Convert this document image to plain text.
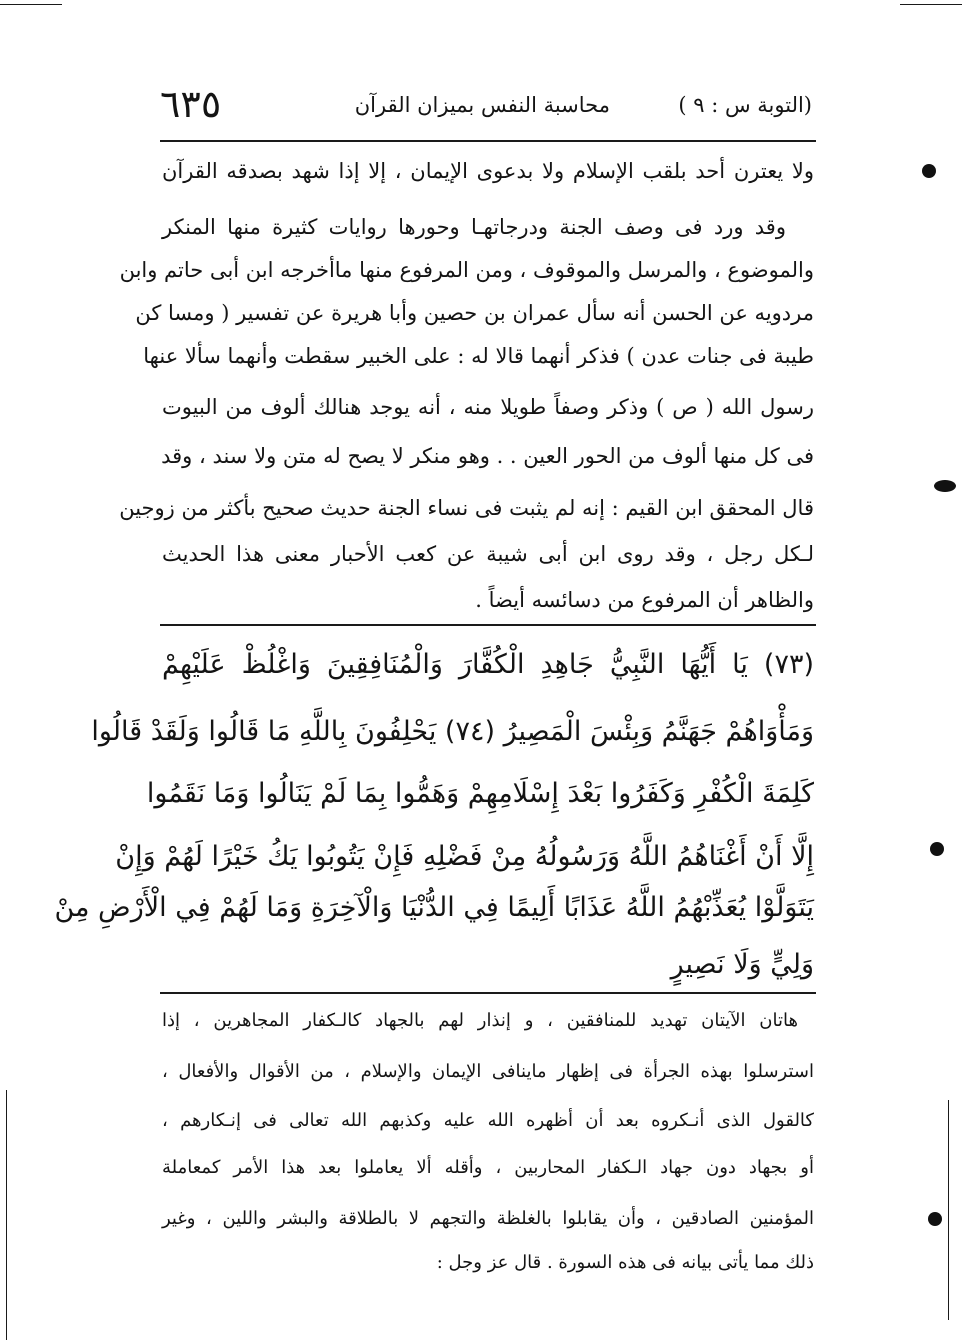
٦٣٥	محاسبة النفس بميزان القرآن	(التوبة س : ٩ )
ولا يعترن أحد بلقب الإسلام ولا بدعوى الإيمان ، إلا إذا شهد بصدقه القرآن
وقد ورد فى وصف الجنة ودرجاتهـا وحورها روايات كثيرة منها المنكر
والموضوع ، والمرسل والموقوف ، ومن المرفوع منها ماأخرجه ابن أبى حاتم وابن
مردويه عن الحسن أنه سأل عمران بن حصين وأبا هريرة عن تفسير ( ومسا كن
طيبة فى جنات عدن ) فذكر أنهما قالا له : على الخبير سقطت وأنهما سألا عنها
رسول الله ( ص ) وذكر وصفاً طويلا منه ، أنه يوجد هنالك ألوف من البيوت
فى كل منها ألوف من الحور العين . . وهو منكر لا يصح له متن ولا سند ، وقد
قال المحقق ابن القيم : إنه لم يثبت فى نساء الجنة حديث صحيح بأكثر من زوجين
لـكل رجل ، وقد روى ابن أبى شيبة عن كعب الأحبار معنى هذا الحديث
والظاهر أن المرفوع من دسائسه أيضاً .
(٧٣) يَا أَيُّهَا النَّبِيُّ جَاهِدِ الْكُفَّارَ وَالْمُنَافِقِينَ وَاغْلُظْ عَلَيْهِمْ
وَمَأْوَاهُمْ جَهَنَّمُ وَبِئْسَ الْمَصِيرُ (٧٤) يَحْلِفُونَ بِاللَّهِ مَا قَالُوا وَلَقَدْ قَالُوا
كَلِمَةَ الْكُفْرِ وَكَفَرُوا بَعْدَ إِسْلَامِهِمْ وَهَمُّوا بِمَا لَمْ يَنَالُوا وَمَا نَقَمُوا
إِلَّا أَنْ أَغْنَاهُمُ اللَّهُ وَرَسُولُهُ مِنْ فَضْلِهِ فَإِنْ يَتُوبُوا يَكُ خَيْرًا لَهُمْ وَإِنْ
يَتَوَلَّوْا يُعَذِّبْهُمُ اللَّهُ عَذَابًا أَلِيمًا فِي الدُّنْيَا وَالْآخِرَةِ وَمَا لَهُمْ فِي الْأَرْضِ مِنْ
وَلِيٍّ وَلَا نَصِيرٍ
هاتان الآيتان تهديد للمنافقين ، و إنذار لهم بالجهاد كالـكفار المجاهرين ، إذا
استرسلوا بهذه الجرأة فى إظهار ماينافى الإيمان والإسلام ، من الأقوال والأفعال ،
كالقول الذى أنـكروه بعد أن أظهره الله عليه وكذبهم الله تعالى فى إنـكارهم ،
أو بجهاد دون جهاد الـكفار المحاربين ، وأقله ألا يعاملوا بعد هذا الأمر كمعاملة
المؤمنين الصادقين ، وأن يقابلوا بالغلظة والتجهم لا بالطلاقة والبشر واللين ، وغير
ذلك مما يأتى بيانه فى هذه السورة . قال عز وجل :
